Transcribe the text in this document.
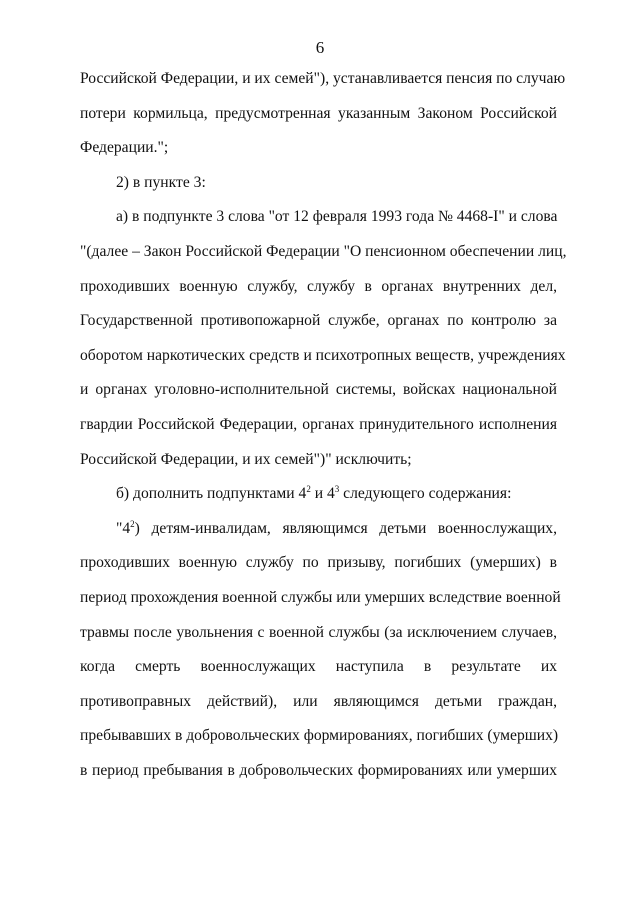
6
Российской Федерации, и их семей"), устанавливается пенсия по случаю
потери кормильца, предусмотренная указанным Законом Российской
Федерации.";
2) в пункте 3:
а) в подпункте 3 слова "от 12 февраля 1993 года № 4468-I" и слова
"(далее – Закон Российской Федерации "О пенсионном обеспечении лиц,
проходивших военную службу, службу в органах внутренних дел,
Государственной противопожарной службе, органах по контролю за
оборотом наркотических средств и психотропных веществ, учреждениях
и органах уголовно-исполнительной системы, войсках национальной
гвардии Российской Федерации, органах принудительного исполнения
Российской Федерации, и их семей")" исключить;
б) дополнить подпунктами $4^2$ и $4^3$ следующего содержания:
"$4^2$) детям-инвалидам, являющимся детьми военнослужащих,
проходивших военную службу по призыву, погибших (умерших) в
период прохождения военной службы или умерших вследствие военной
травмы после увольнения с военной службы (за исключением случаев,
когда смерть военнослужащих наступила в результате их
противоправных действий), или являющимся детьми граждан,
пребывавших в добровольческих формированиях, погибших (умерших)
в период пребывания в добровольческих формированиях или умерших
